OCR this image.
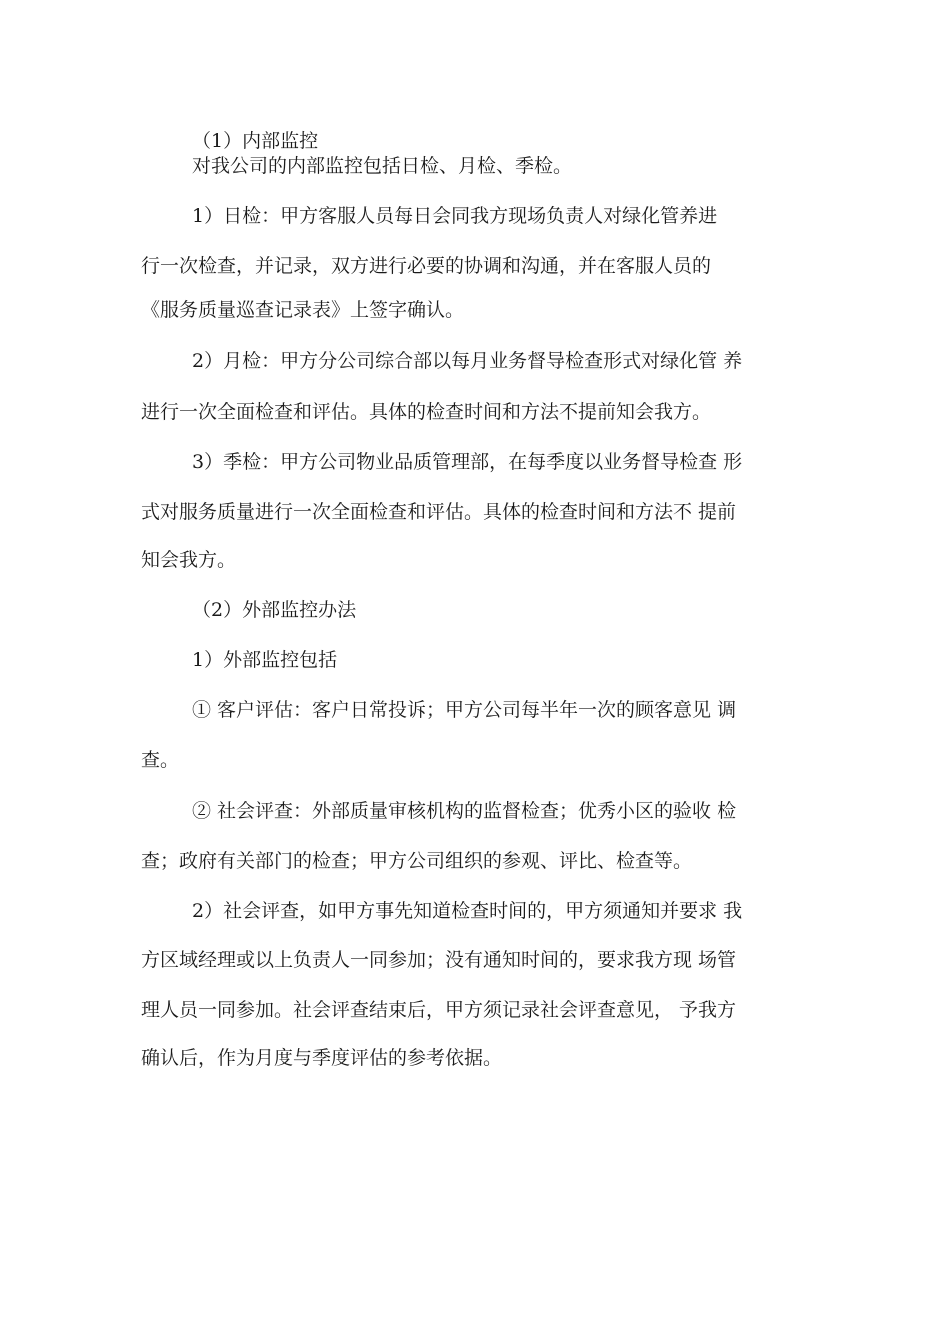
（1）内部监控

对我公司的内部监控包括日检、月检、季检。

1）日检：甲方客服人员每日会同我方现场负责人对绿化管养进

行一次检查，并记录，双方进行必要的协调和沟通，并在客服人员的

《服务质量巡查记录表》上签字确认。

2）月检：甲方分公司综合部以每月业务督导检查形式对绿化管 养

进行一次全面检查和评估。具体的检查时间和方法不提前知会我方。

3）季检：甲方公司物业品质管理部，在每季度以业务督导检查 形

式对服务质量进行一次全面检查和评估。具体的检查时间和方法不 提前

知会我方。

（2）外部监控办法

1）外部监控包括

① 客户评估：客户日常投诉；甲方公司每半年一次的顾客意见 调

查。

② 社会评查：外部质量审核机构的监督检查；优秀小区的验收 检

查；政府有关部门的检查；甲方公司组织的参观、评比、检查等。

2）社会评查，如甲方事先知道检查时间的，甲方须通知并要求 我

方区域经理或以上负责人一同参加；没有通知时间的，要求我方现 场管

理人员一同参加。社会评查结束后，甲方须记录社会评查意见， 予我方

确认后，作为月度与季度评估的参考依据。
